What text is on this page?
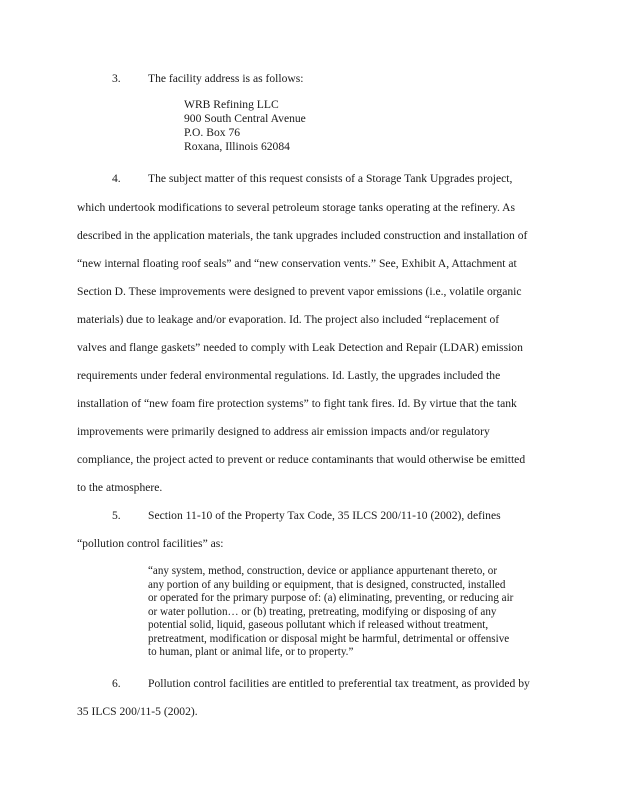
3. The facility address is as follows:
WRB Refining LLC
900 South Central Avenue
P.O. Box 76
Roxana, Illinois 62084
4. The subject matter of this request consists of a Storage Tank Upgrades project,
which undertook modifications to several petroleum storage tanks operating at the refinery. As
described in the application materials, the tank upgrades included construction and installation of
“new internal floating roof seals” and “new conservation vents.” See, Exhibit A, Attachment at
Section D. These improvements were designed to prevent vapor emissions (i.e., volatile organic
materials) due to leakage and/or evaporation. Id. The project also included “replacement of
valves and flange gaskets” needed to comply with Leak Detection and Repair (LDAR) emission
requirements under federal environmental regulations. Id. Lastly, the upgrades included the
installation of “new foam fire protection systems” to fight tank fires. Id. By virtue that the tank
improvements were primarily designed to address air emission impacts and/or regulatory
compliance, the project acted to prevent or reduce contaminants that would otherwise be emitted
to the atmosphere.
5. Section 11-10 of the Property Tax Code, 35 ILCS 200/11-10 (2002), defines
“pollution control facilities” as:
“any system, method, construction, device or appliance appurtenant thereto, or
any portion of any building or equipment, that is designed, constructed, installed
or operated for the primary purpose of: (a) eliminating, preventing, or reducing air
or water pollution… or (b) treating, pretreating, modifying or disposing of any
potential solid, liquid, gaseous pollutant which if released without treatment,
pretreatment, modification or disposal might be harmful, detrimental or offensive
to human, plant or animal life, or to property.”
6. Pollution control facilities are entitled to preferential tax treatment, as provided by
35 ILCS 200/11-5 (2002).
